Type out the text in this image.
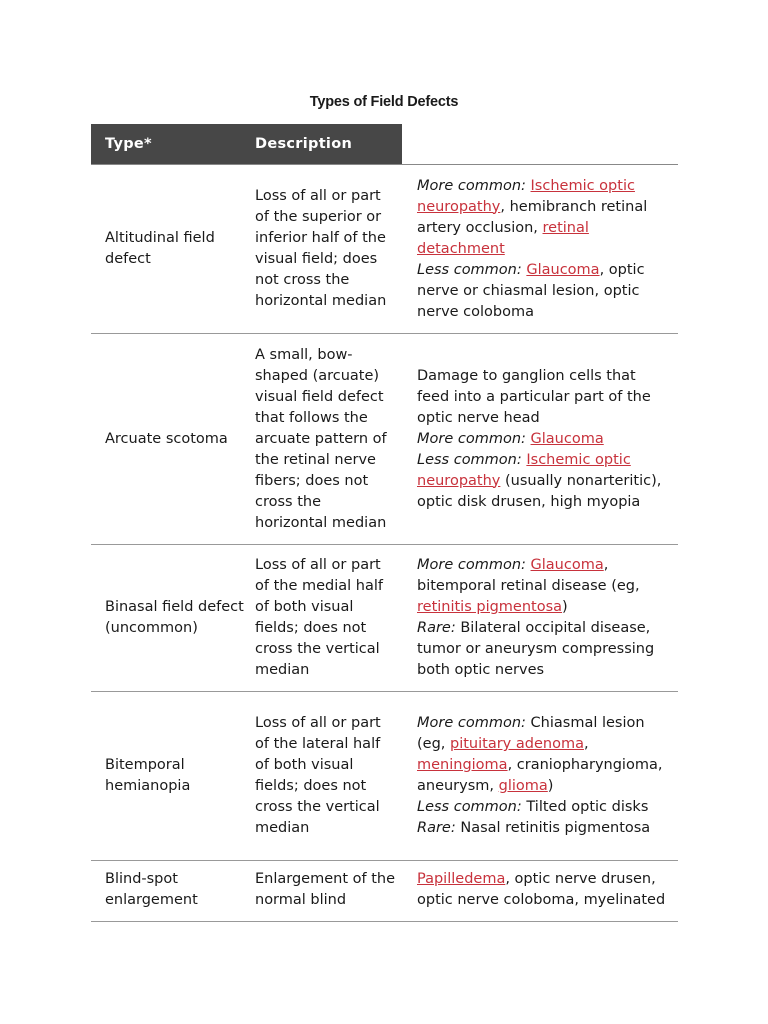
Types of Field Defects
Type*	Description
Altitudinal field defect
Loss of all or part of the superior or inferior half of the visual field; does not cross the horizontal median
More common: Ischemic optic neuropathy, hemibranch retinal artery occlusion, retinal detachment
Less common: Glaucoma, optic nerve or chiasmal lesion, optic nerve coloboma
Arcuate scotoma
A small, bow-shaped (arcuate) visual field defect that follows the arcuate pattern of the retinal nerve fibers; does not cross the horizontal median
Damage to ganglion cells that feed into a particular part of the optic nerve head
More common: Glaucoma
Less common: Ischemic optic neuropathy (usually nonarteritic), optic disk drusen, high myopia
Binasal field defect (uncommon)
Loss of all or part of the medial half of both visual fields; does not cross the vertical median
More common: Glaucoma, bitemporal retinal disease (eg, retinitis pigmentosa)
Rare: Bilateral occipital disease, tumor or aneurysm compressing both optic nerves
Bitemporal hemianopia
Loss of all or part of the lateral half of both visual fields; does not cross the vertical median
More common: Chiasmal lesion (eg, pituitary adenoma, meningioma, craniopharyngioma, aneurysm, glioma)
Less common: Tilted optic disks
Rare: Nasal retinitis pigmentosa
Blind-spot enlargement
Enlargement of the normal blind
Papilledema, optic nerve drusen, optic nerve coloboma, myelinated
